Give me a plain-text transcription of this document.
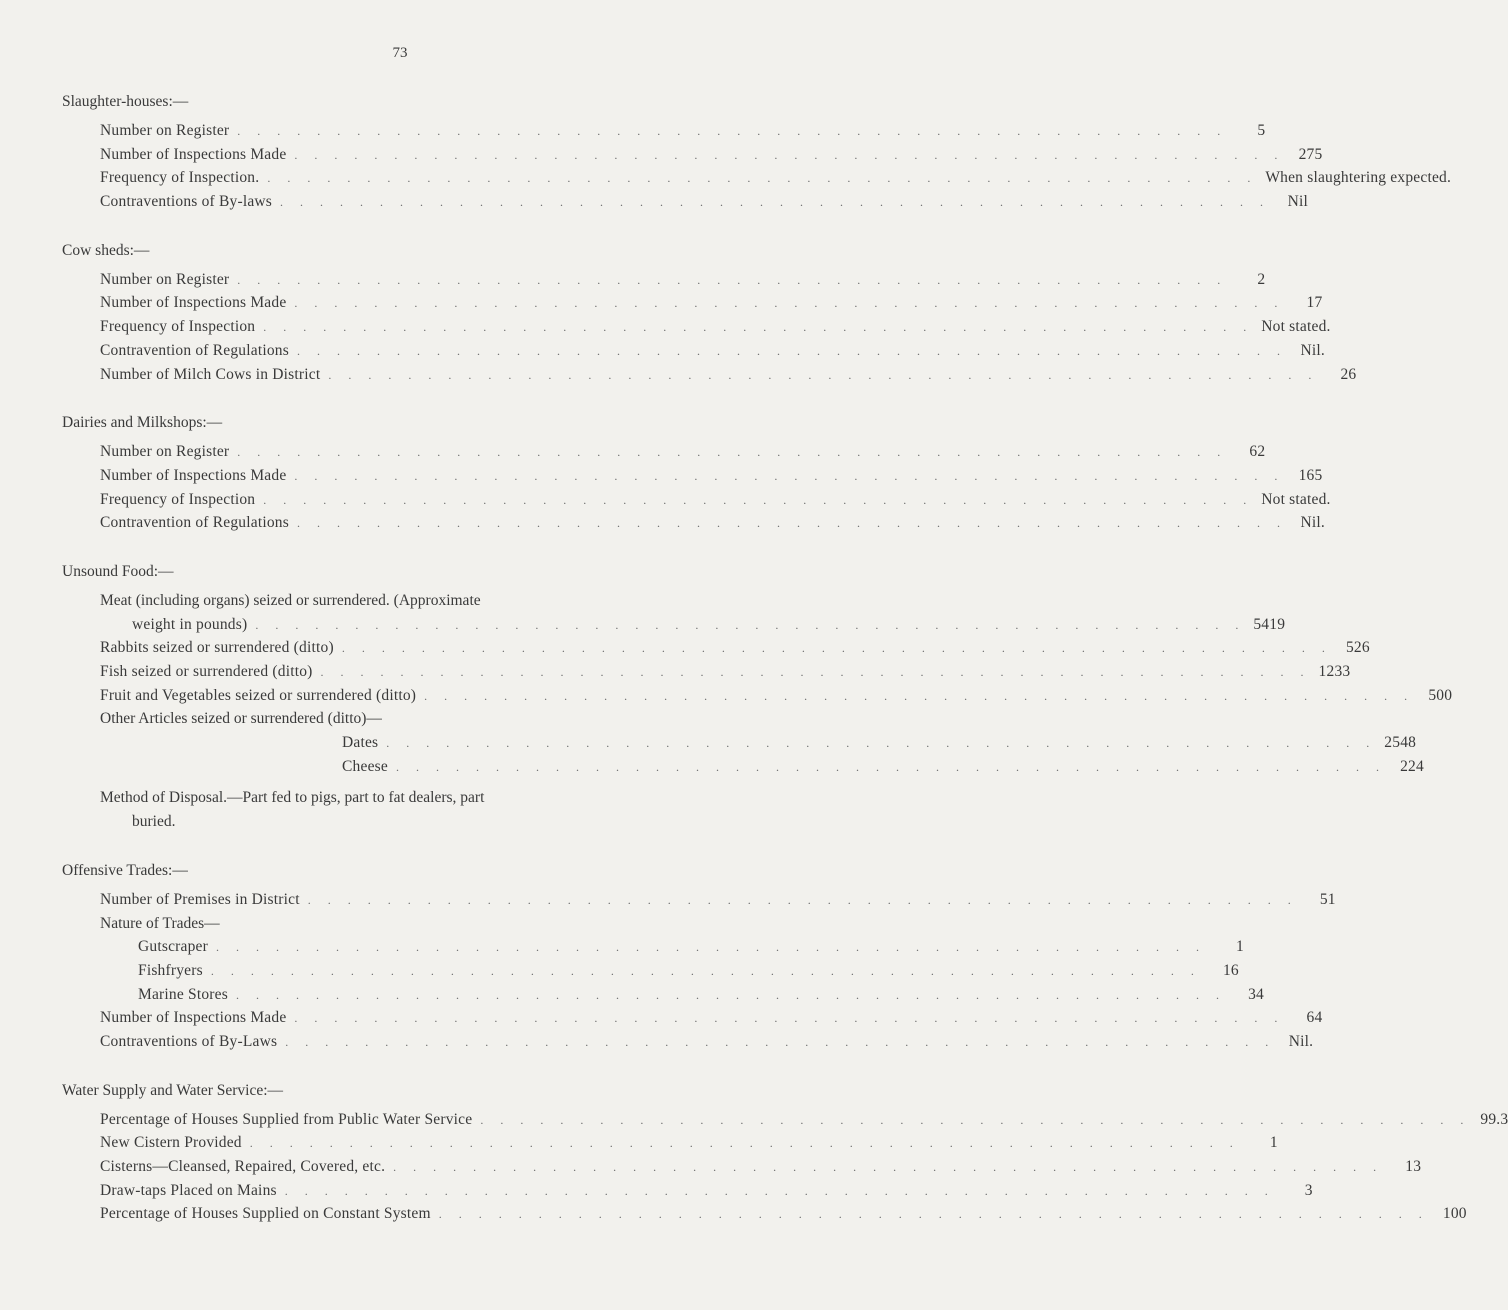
73
Slaughter-houses:—
Number on Register . . . . . . . . . . . . . . . . . . . . . . . . . . . . . . . . . . . . . . . . . . . . . . . . . .	5
Number of Inspections Made . . . . . . . . . . . . . . . . . . . . . . . . . . . . . . . . . . . . . . . . . . . . . . . . . . 275
Frequency of Inspection. . . . . . . . . . . . . . . . . . . . . . . . . . . . . . . . . . . . . . . . . . . . . . . . . . . When slaughtering expected.
Contraventions of By-laws . . . . . . . . . . . . . . . . . . . . . . . . . . . . . . . . . . . . . . . . . . . . . . . . . .	Nil
Cow sheds:—
Number on Register . . . . . . . . . . . . . . . . . . . . . . . . . . . . . . . . . . . . . . . . . . . . . . . . . .	2
Number of Inspections Made . . . . . . . . . . . . . . . . . . . . . . . . . . . . . . . . . . . . . . . . . . . . . . . . . .	17
Frequency of Inspection . . . . . . . . . . . . . . . . . . . . . . . . . . . . . . . . . . . . . . . . . . . . . . . . . . Not stated.
Contravention of Regulations . . . . . . . . . . . . . . . . . . . . . . . . . . . . . . . . . . . . . . . . . . . . . . . . . . Nil.
Number of Milch Cows in District . . . . . . . . . . . . . . . . . . . . . . . . . . . . . . . . . . . . . . . . . . . . . . . . . .	26
Dairies and Milkshops:—
Number on Register . . . . . . . . . . . . . . . . . . . . . . . . . . . . . . . . . . . . . . . . . . . . . . . . . .	62
Number of Inspections Made . . . . . . . . . . . . . . . . . . . . . . . . . . . . . . . . . . . . . . . . . . . . . . . . . . 165
Frequency of Inspection . . . . . . . . . . . . . . . . . . . . . . . . . . . . . . . . . . . . . . . . . . . . . . . . . . Not stated.
Contravention of Regulations . . . . . . . . . . . . . . . . . . . . . . . . . . . . . . . . . . . . . . . . . . . . . . . . . . Nil.
Unsound Food:—
Meat (including organs) seized or surrendered. (Approximate
weight in pounds) . . . . . . . . . . . . . . . . . . . . . . . . . . . . . . . . . . . . . . . . . . . . . . . . . . 5419
Rabbits seized or surrendered (ditto) . . . . . . . . . . . . . . . . . . . . . . . . . . . . . . . . . . . . . . . . . . . . . . . . . . 526
Fish seized or surrendered (ditto) . . . . . . . . . . . . . . . . . . . . . . . . . . . . . . . . . . . . . . . . . . . . . . . . . . 1233
Fruit and Vegetables seized or surrendered (ditto) . . . . . . . . . . . . . . . . . . . . . . . . . . . . . . . . . . . . . . . . . . . . . . . . . . 500
Other Articles seized or surrendered (ditto)—
Dates . . . . . . . . . . . . . . . . . . . . . . . . . . . . . . . . . . . . . . . . . . . . . . . . . . 2548
Cheese . . . . . . . . . . . . . . . . . . . . . . . . . . . . . . . . . . . . . . . . . . . . . . . . . . 224
Method of Disposal.—Part fed to pigs, part to fat dealers, part
buried.
Offensive Trades:—
Number of Premises in District . . . . . . . . . . . . . . . . . . . . . . . . . . . . . . . . . . . . . . . . . . . . . . . . . .	51
Nature of Trades—
Gutscraper . . . . . . . . . . . . . . . . . . . . . . . . . . . . . . . . . . . . . . . . . . . . . . . . . .	1
Fishfryers . . . . . . . . . . . . . . . . . . . . . . . . . . . . . . . . . . . . . . . . . . . . . . . . . .	16
Marine Stores . . . . . . . . . . . . . . . . . . . . . . . . . . . . . . . . . . . . . . . . . . . . . . . . . .	34
Number of Inspections Made . . . . . . . . . . . . . . . . . . . . . . . . . . . . . . . . . . . . . . . . . . . . . . . . . .	64
Contraventions of By-Laws . . . . . . . . . . . . . . . . . . . . . . . . . . . . . . . . . . . . . . . . . . . . . . . . . . Nil.
Water Supply and Water Service:—
Percentage of Houses Supplied from Public Water Service . . . . . . . . . . . . . . . . . . . . . . . . . . . . . . . . . . . . . . . . . . . . . . . . . . 99.3
New Cistern Provided . . . . . . . . . . . . . . . . . . . . . . . . . . . . . . . . . . . . . . . . . . . . . . . . . .	1
Cisterns—Cleansed, Repaired, Covered, etc. . . . . . . . . . . . . . . . . . . . . . . . . . . . . . . . . . . . . . . . . . . . . . . . . . .	13
Draw-taps Placed on Mains . . . . . . . . . . . . . . . . . . . . . . . . . . . . . . . . . . . . . . . . . . . . . . . . . .	3
Percentage of Houses Supplied on Constant System . . . . . . . . . . . . . . . . . . . . . . . . . . . . . . . . . . . . . . . . . . . . . . . . . . 100
